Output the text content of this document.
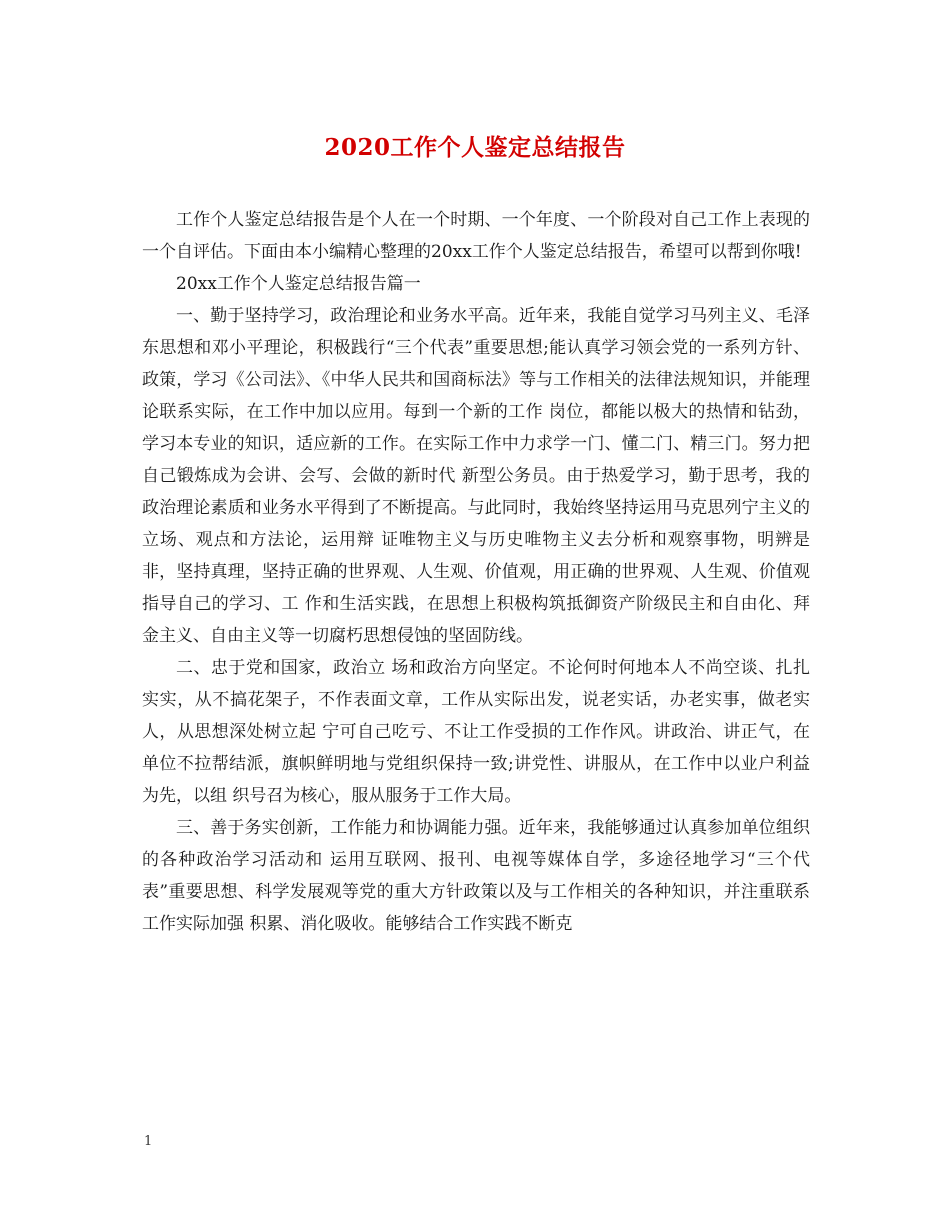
2020工作个人鉴定总结报告

工作个人鉴定总结报告是个人在一个时期、一个年度、一个阶段对自己工作上表现的一个自评估。下面由本小编精心整理的20xx工作个人鉴定总结报告，希望可以帮到你哦!

20xx工作个人鉴定总结报告篇一

一、勤于坚持学习，政治理论和业务水平高。近年来，我能自觉学习马列主义、毛泽东思想和邓小平理论，积极践行“三个代表”重要思想;能认真学习领会党的一系列方针、政策，学习《公司法》、《中华人民共和国商标法》等与工作相关的法律法规知识，并能理论联系实际，在工作中加以应用。每到一个新的工作 岗位，都能以极大的热情和钻劲，学习本专业的知识，适应新的工作。在实际工作中力求学一门、懂二门、精三门。努力把自己锻炼成为会讲、会写、会做的新时代 新型公务员。由于热爱学习，勤于思考，我的政治理论素质和业务水平得到了不断提高。与此同时，我始终坚持运用马克思列宁主义的立场、观点和方法论，运用辩 证唯物主义与历史唯物主义去分析和观察事物，明辨是非，坚持真理，坚持正确的世界观、人生观、价值观，用正确的世界观、人生观、价值观指导自己的学习、工 作和生活实践，在思想上积极构筑抵御资产阶级民主和自由化、拜金主义、自由主义等一切腐朽思想侵蚀的坚固防线。

二、忠于党和国家，政治立 场和政治方向坚定。不论何时何地本人不尚空谈、扎扎实实，从不搞花架子，不作表面文章，工作从实际出发，说老实话，办老实事，做老实人，从思想深处树立起 宁可自己吃亏、不让工作受损的工作作风。讲政治、讲正气，在单位不拉帮结派，旗帜鲜明地与党组织保持一致;讲党性、讲服从，在工作中以业户利益为先，以组 织号召为核心，服从服务于工作大局。

三、善于务实创新，工作能力和协调能力强。近年来，我能够通过认真参加单位组织的各种政治学习活动和 运用互联网、报刊、电视等媒体自学，多途径地学习“三个代表”重要思想、科学发展观等党的重大方针政策以及与工作相关的各种知识，并注重联系工作实际加强 积累、消化吸收。能够结合工作实践不断克

1
